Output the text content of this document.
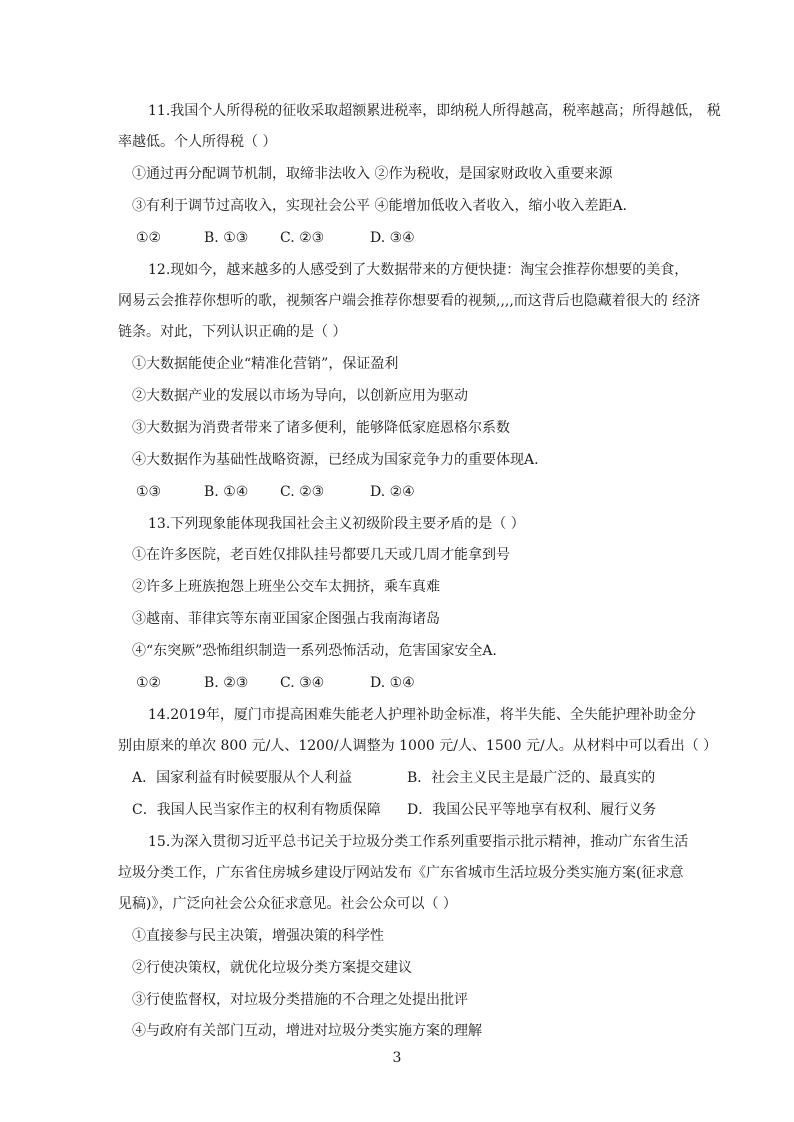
11.我国个人所得税的征收采取超额累进税率，即纳税人所得越高，税率越高；所得越低， 税
率越低。个人所得税（ ）
①通过再分配调节机制，取缔非法收入 ②作为税收，是国家财政收入重要来源
③有利于调节过高收入，实现社会公平 ④能增加低收入者收入，缩小收入差距A.
①②	B. ①③	C. ②③	D. ③④
12.现如今，越来越多的人感受到了大数据带来的方便快捷：淘宝会推荐你想要的美食，
网易云会推荐你想听的歌，视频客户端会推荐你想要看的视频,,,,而这背后也隐藏着很大的 经济
链条。对此，下列认识正确的是（ ）
①大数据能使企业“精准化营销”，保证盈利
②大数据产业的发展以市场为导向，以创新应用为驱动
③大数据为消费者带来了诸多便利，能够降低家庭恩格尔系数
④大数据作为基础性战略资源，已经成为国家竞争力的重要体现A.
①③	B. ①④	C. ②③	D. ②④
13.下列现象能体现我国社会主义初级阶段主要矛盾的是（ ）
①在许多医院，老百姓仅排队挂号都要几天或几周才能拿到号
②许多上班族抱怨上班坐公交车太拥挤，乘车真难
③越南、菲律宾等东南亚国家企图强占我南海诸岛
④“东突厥”恐怖组织制造一系列恐怖活动，危害国家安全A.
①②	B. ②③	C. ③④	D. ①④
14.2019年，厦门市提高困难失能老人护理补助金标准，将半失能、全失能护理补助金分
别由原来的单次 800 元/人、1200/人调整为 1000 元/人、1500 元/人。从材料中可以看出（ ）
A．国家利益有时候要服从个人利益	B．社会主义民主是最广泛的、最真实的
C．我国人民当家作主的权利有物质保障	D．我国公民平等地享有权利、履行义务
15.为深入贯彻习近平总书记关于垃圾分类工作系列重要指示批示精神，推动广东省生活
垃圾分类工作，广东省住房城乡建设厅网站发布《广东省城市生活垃圾分类实施方案(征求意
见稿)》，广泛向社会公众征求意见。社会公众可以（ ）
①直接参与民主决策，增强决策的科学性
②行使决策权，就优化垃圾分类方案提交建议
③行使监督权，对垃圾分类措施的不合理之处提出批评
④与政府有关部门互动，增进对垃圾分类实施方案的理解
3
